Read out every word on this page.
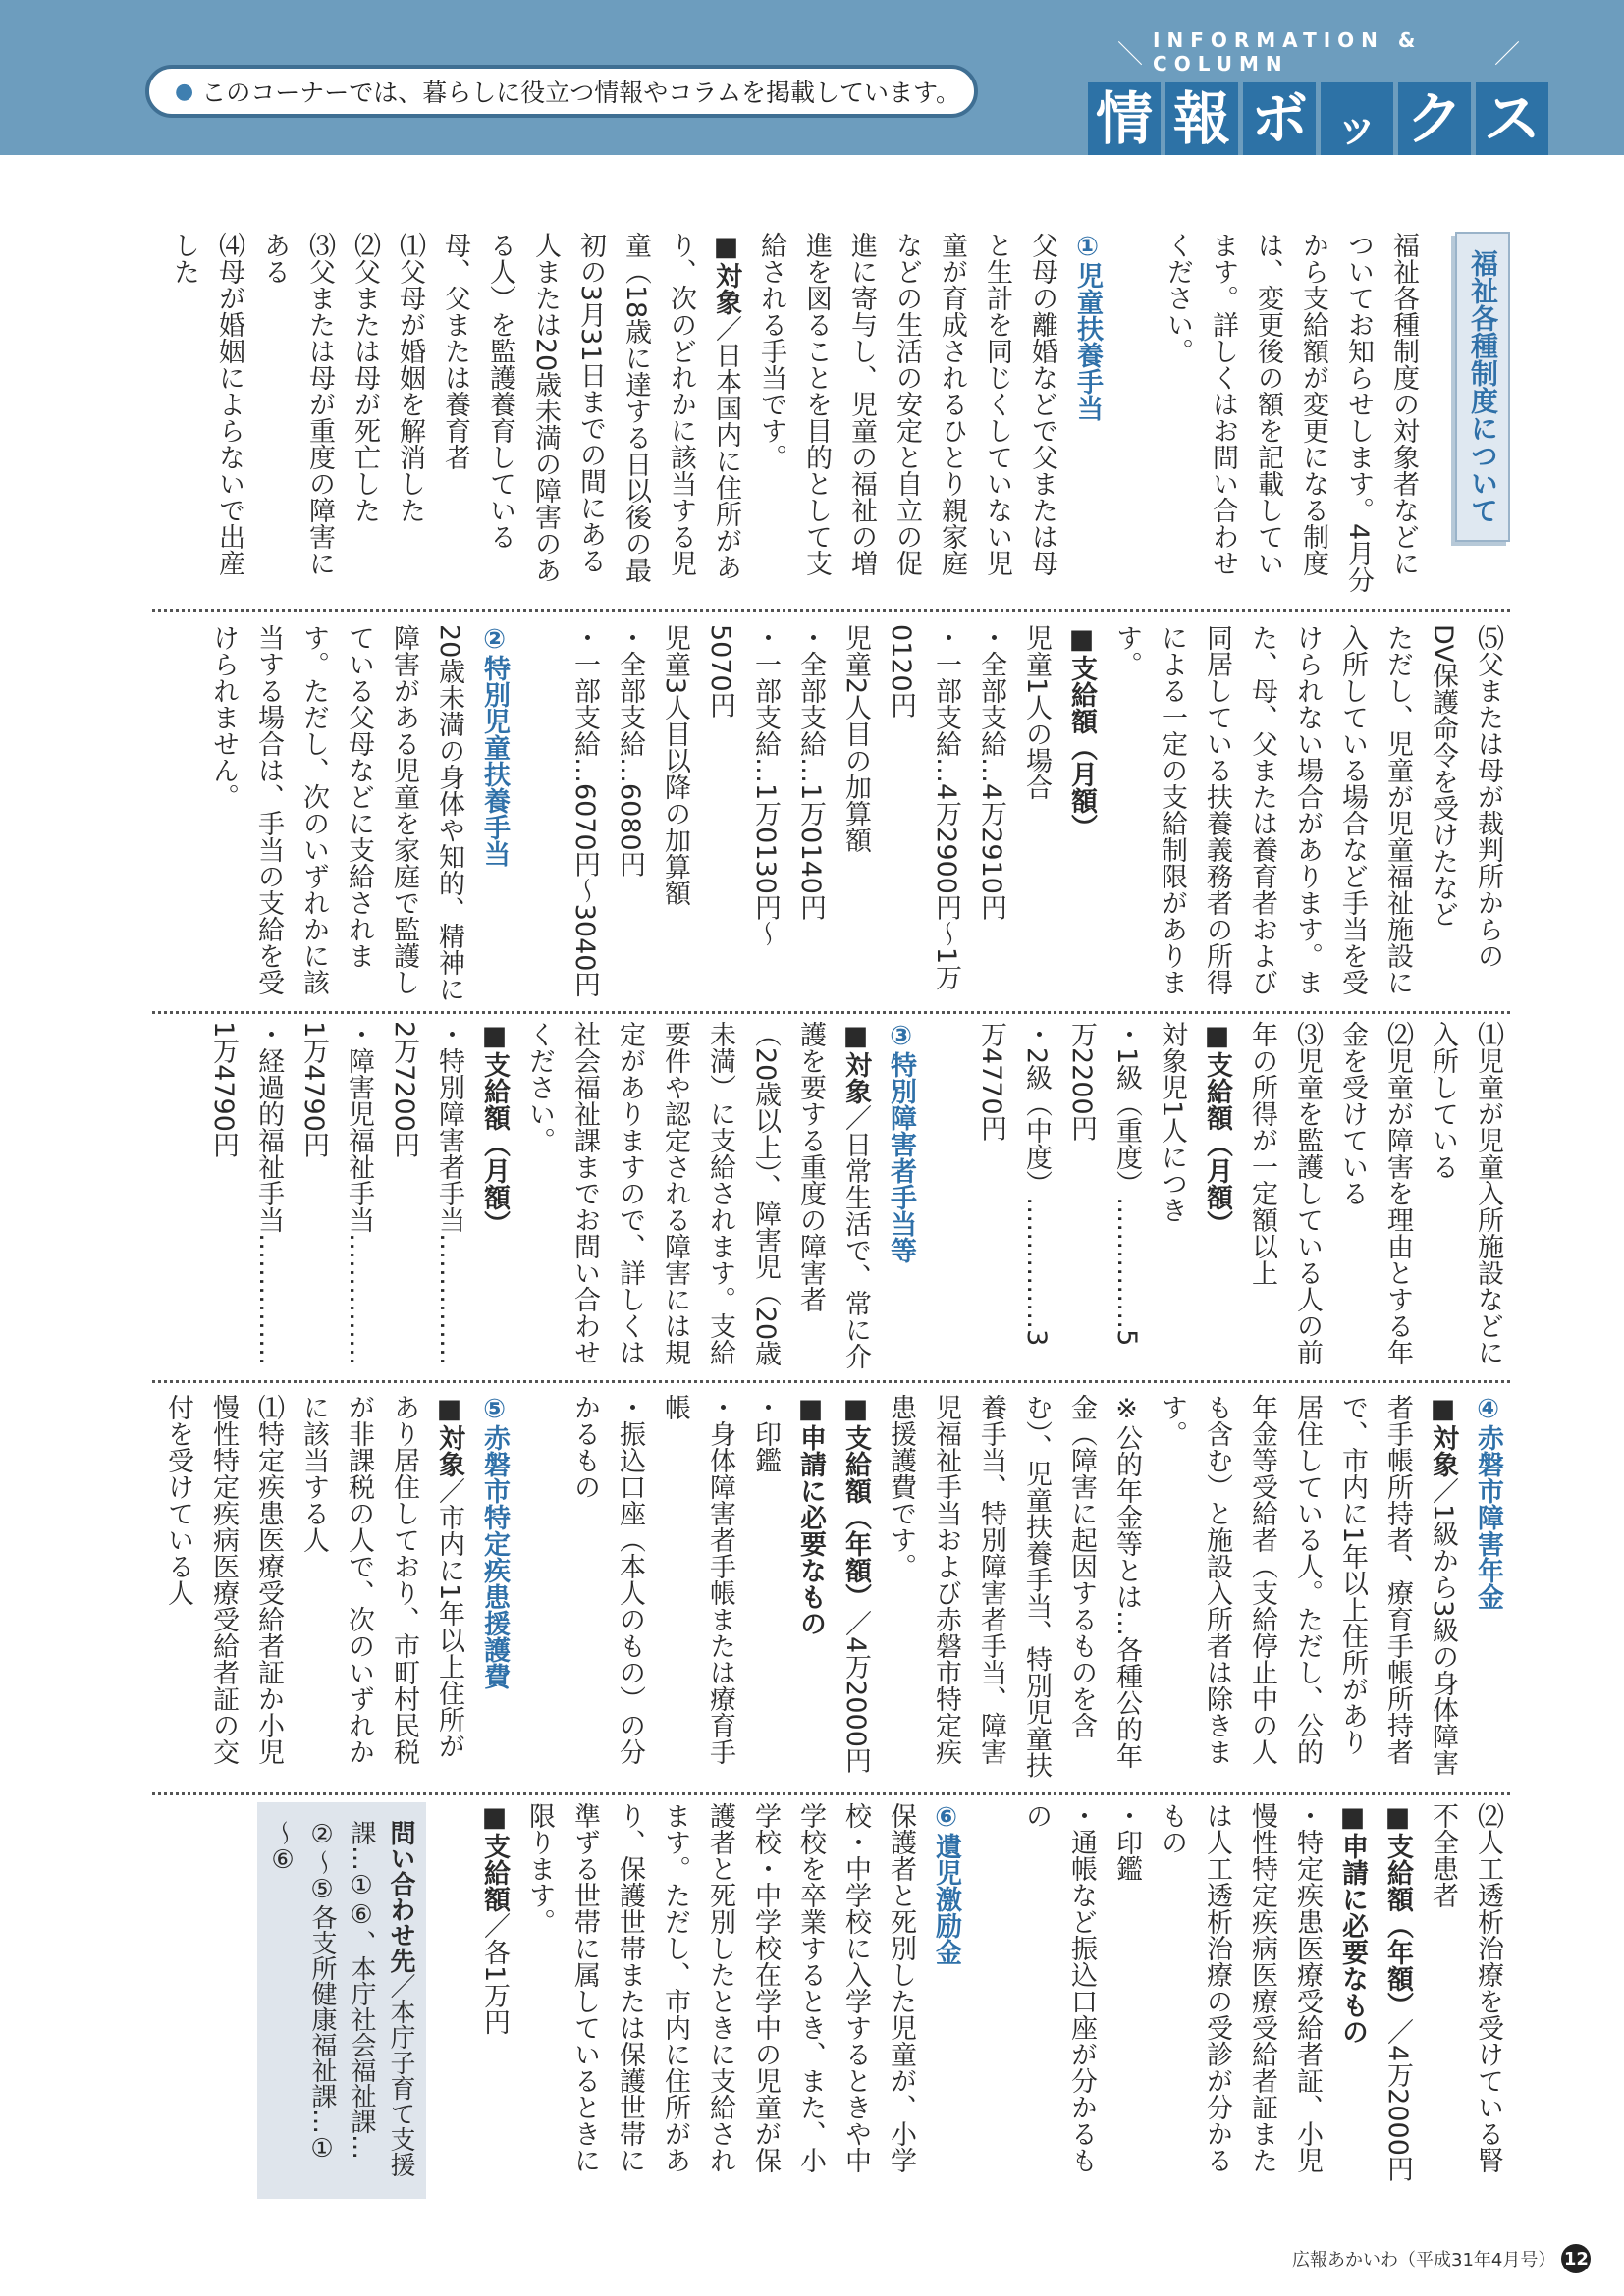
● このコーナーでは、暮らしに役立つ情報やコラムを掲載しています。
＼ INFORMATION & COLUMN	／
情 報 ボ ッ ク ス
福祉各種制度について

福祉各種制度の対象者などについてお知らせします。4月分から支給額が変更になる制度は、変更後の額を記載しています。詳しくはお問い合わせください。

①児童扶養手当

父母の離婚などで父または母と生計を同じくしていない児童が育成されるひとり親家庭などの生活の安定と自立の促進に寄与し、児童の福祉の増進を図ることを目的として支給される手当です。

■対象／日本国内に住所があり、次のどれかに該当する児童（18歳に達する日以後の最初の3月31日までの間にある人または20歳未満の障害のある人）を監護養育している母、父または養育者

⑴父母が婚姻を解消した

⑵父または母が死亡した

⑶父または母が重度の障害にある

⑷母が婚姻によらないで出産した

⑸父または母が裁判所からのDV保護命令を受けたなど

ただし、児童が児童福祉施設に入所している場合など手当を受けられない場合があります。また、母、父または養育者および同居している扶養義務者の所得による一定の支給制限があります。

■支給額（月額）

児童1人の場合

・全部支給…4万2910円

・一部支給…4万2900円～1万0120円

児童2人目の加算額

・全部支給…1万0140円

・一部支給…1万0130円～5070円

児童3人目以降の加算額

・全部支給…6080円

・一部支給…6070円～3040円

②特別児童扶養手当

20歳未満の身体や知的、精神に障害がある児童を家庭で監護している父母などに支給されます。ただし、次のいずれかに該当する場合は、手当の支給を受けられません。

⑴児童が児童入所施設などに入所している

⑵児童が障害を理由とする年金を受けている

⑶児童を監護している人の前年の所得が一定額以上

■支給額（月額）

対象児1人につき

・1級（重度）……………5万2200円

・2級（中度）……………3万4770円

③特別障害者手当等

■対象／日常生活で、常に介護を要する重度の障害者（20歳以上）、障害児（20歳未満）に支給されます。支給要件や認定される障害には規定がありますので、詳しくは社会福祉課までお問い合わせください。

■支給額（月額）

・特別障害者手当……………2万7200円

・障害児福祉手当……………1万4790円

・経過的福祉手当……………1万4790円

④赤磐市障害年金

■対象／1級から3級の身体障害者手帳所持者、療育手帳所持者で、市内に1年以上住所があり居住している人。ただし、公的年金等受給者（支給停止中の人も含む）と施設入所者は除きます。

※公的年金等とは…各種公的年金（障害に起因するものを含む）、児童扶養手当、特別児童扶養手当、特別障害者手当、障害児福祉手当および赤磐市特定疾患援護費です。

■支給額（年額）／4万2000円

■申請に必要なもの

・印鑑

・身体障害者手帳または療育手帳

・振込口座（本人のもの）の分かるもの

⑤赤磐市特定疾患援護費

■対象／市内に1年以上住所があり居住しており、市町村民税が非課税の人で、次のいずれかに該当する人

⑴特定疾患医療受給者証か小児慢性特定疾病医療受給者証の交付を受けている人

⑵人工透析治療を受けている腎不全患者

■支給額（年額）／4万2000円

■申請に必要なもの

・特定疾患医療受給者証、小児慢性特定疾病医療受給者証または人工透析治療の受診が分かるもの

・印鑑

・通帳など振込口座が分かるもの

⑥遺児激励金

保護者と死別した児童が、小学校・中学校に入学するときや中学校を卒業するとき、また、小学校・中学校在学中の児童が保護者と死別したときに支給されます。ただし、市内に住所があり、保護世帯または保護世帯に準ずる世帯に属しているときに限ります。

■支給額／各1万円

問い合わせ先／本庁子育て支援課…①⑥、本庁社会福祉課…②～⑤各支所健康福祉課…①～⑥
広報あかいわ（平成31年4月号） 12
